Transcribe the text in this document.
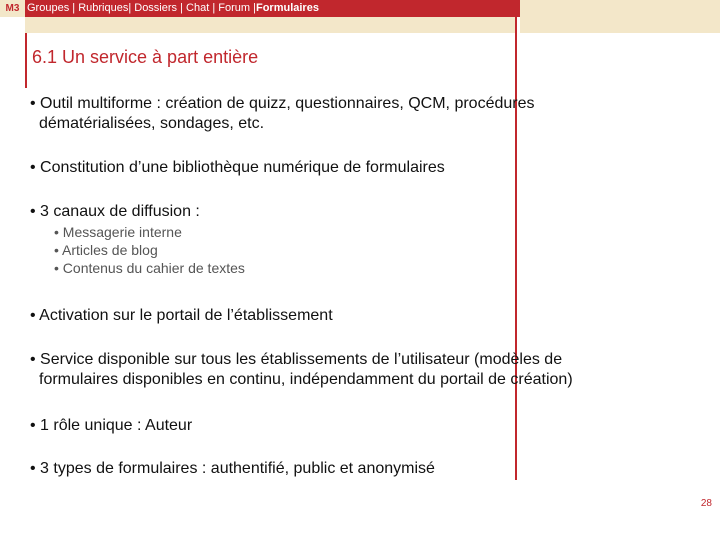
M3 Groupes | Rubriques| Dossiers | Chat | Forum |Formulaires
6.1 Un service à part entière
• Outil multiforme : création de quizz, questionnaires, QCM, procédures
dématérialisées, sondages, etc.
• Constitution d’une bibliothèque numérique de formulaires
• 3 canaux de diffusion :
• Messagerie interne
• Articles de blog
• Contenus du cahier de textes
• Activation sur le portail de l’établissement
• Service disponible sur tous les établissements de l’utilisateur (modèles de
formulaires disponibles en continu, indépendamment du portail de création)
• 1 rôle unique : Auteur
• 3 types de formulaires : authentifié, public et anonymisé
28
